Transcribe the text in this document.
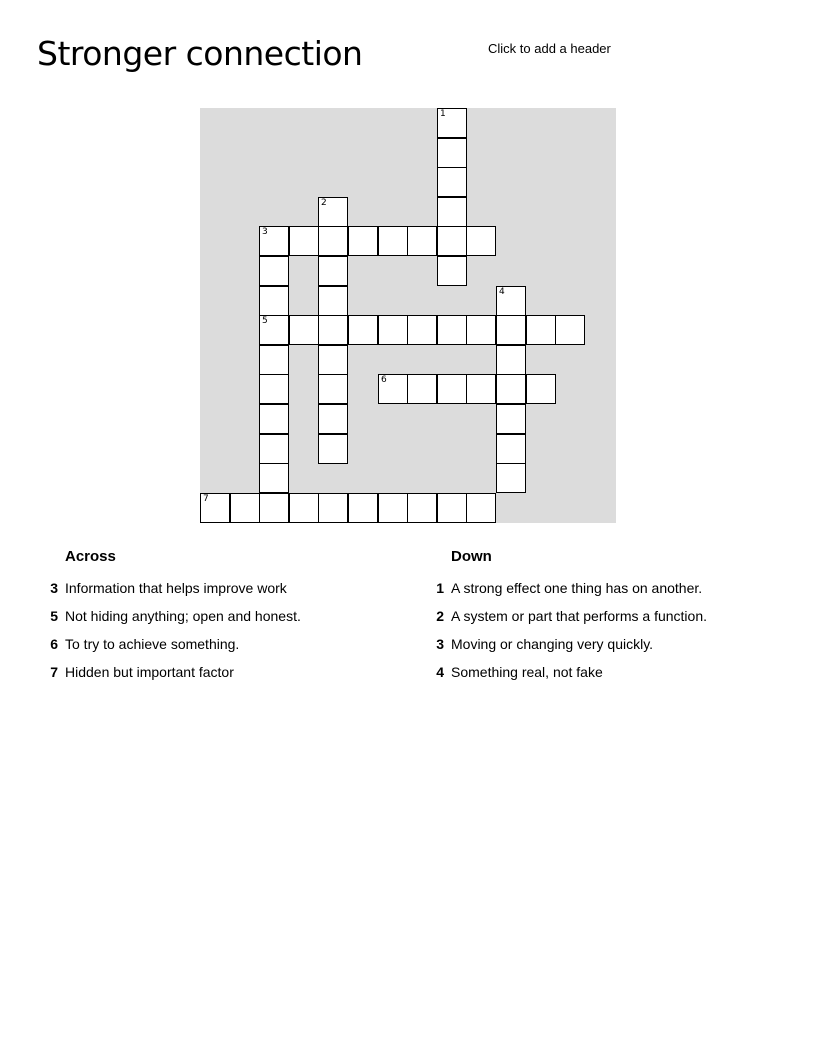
Stronger connection	Click to add a header
1
2
3
4
5
6
7
Across
3 Information that helps improve work
5 Not hiding anything; open and honest.
6 To try to achieve something.
7 Hidden but important factor
Down
1 A strong effect one thing has on another.
2 A system or part that performs a function.
3 Moving or changing very quickly.
4 Something real, not fake
